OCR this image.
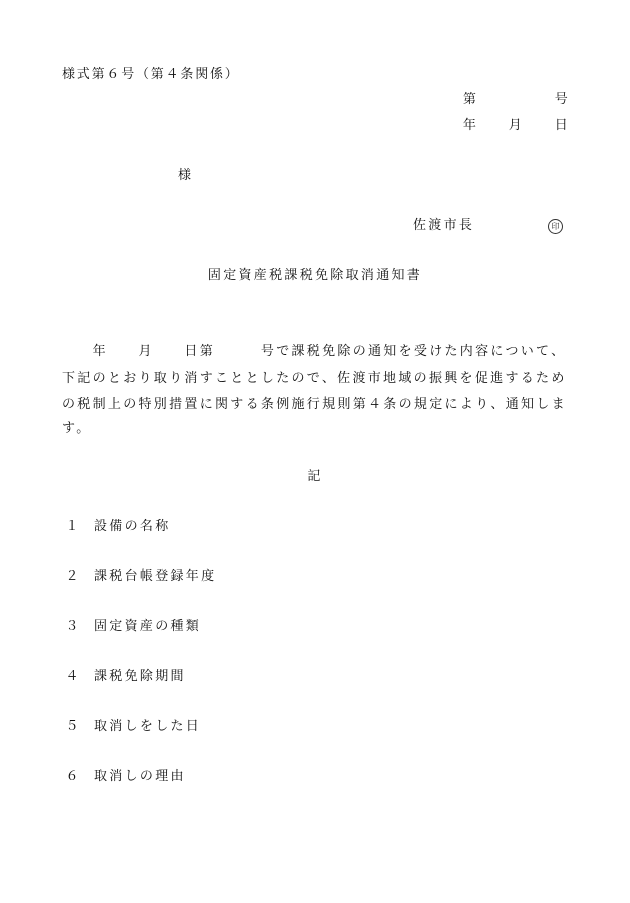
様式第６号（第４条関係）
第　　　　　号
年　　月　　日
様
佐渡市長	印
固定資産税課税免除取消通知書
　　年　　月　　日第　　　号で課税免除の通知を受けた内容について、
下記のとおり取り消すこととしたので、佐渡市地域の振興を促進するため
の税制上の特別措置に関する条例施行規則第４条の規定により、通知しま
す。
記
１ 設備の名称
２ 課税台帳登録年度
３ 固定資産の種類
４ 課税免除期間
５ 取消しをした日
６ 取消しの理由
